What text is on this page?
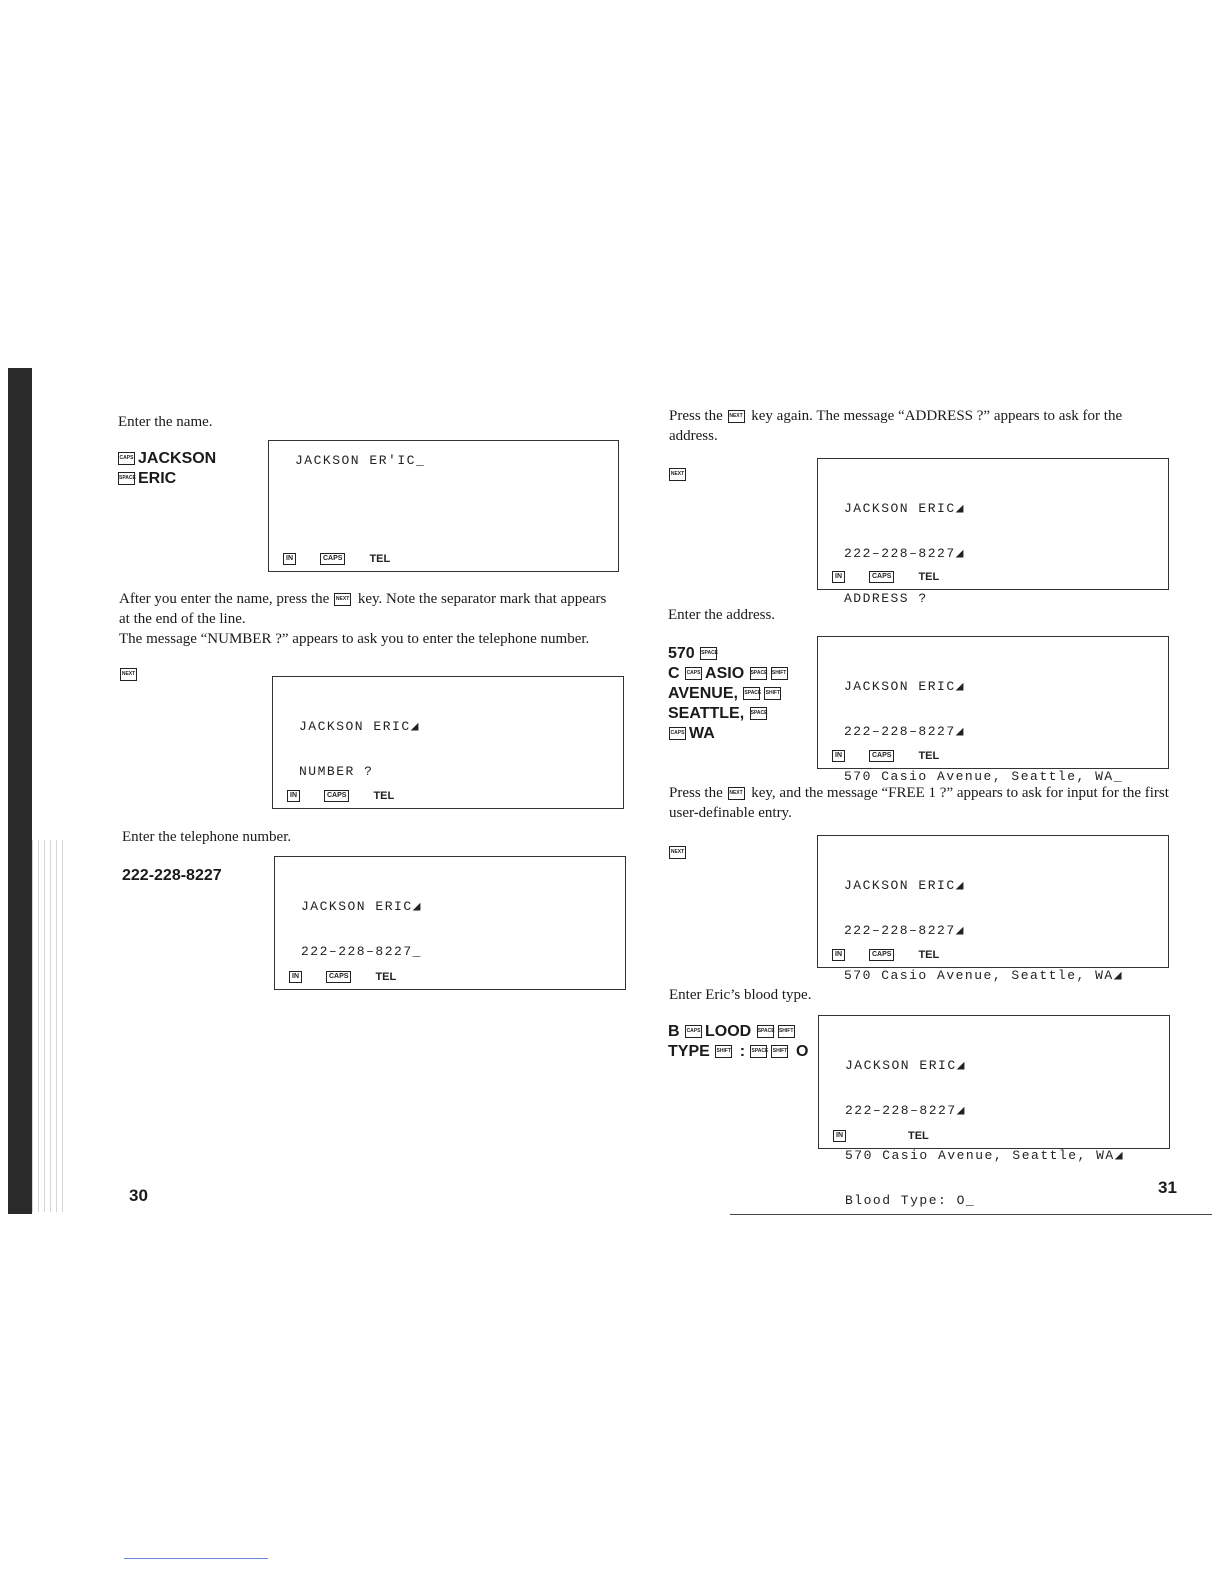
Enter the name.
CAPS JACKSON
SPACE ERIC
JACKSON ER'IC_
IN	CAPS TEL
After you enter the name, press the NEXT key. Note the separator mark that appears at the end of the line.
The message “NUMBER ?” appears to ask you to enter the telephone number.
NEXT

JACKSON ERIC◢

NUMBER ?

IN	CAPS TEL
Enter the telephone number.
222-228-8227

JACKSON ERIC◢

222–228–8227_

IN	CAPS TEL
30
Press the NEXT key again. The message “ADDRESS ?” appears to ask for the address.
NEXT

JACKSON ERIC◢

222–228–8227◢

ADDRESS ?

IN	CAPS TEL
Enter the address.
570 SPACE
C CAPS ASIO SPACE SHIFT
AVENUE, SPACE SHIFT
SEATTLE, SPACE
CAPS WA

JACKSON ERIC◢

222–228–8227◢

570 Casio Avenue, Seattle, WA_

IN	CAPS TEL
Press the NEXT key, and the message “FREE 1 ?” appears to ask for input for the first user-definable entry.
NEXT

JACKSON ERIC◢

222–228–8227◢

570 Casio Avenue, Seattle, WA◢

IN	CAPS TEL
Enter Eric’s blood type.
B CAPS LOOD SPACE SHIFT
TYPE SHIFT : SPACE SHIFT O

JACKSON ERIC◢

222–228–8227◢

570 Casio Avenue, Seattle, WA◢

Blood Type: O_

IN	TEL
31
